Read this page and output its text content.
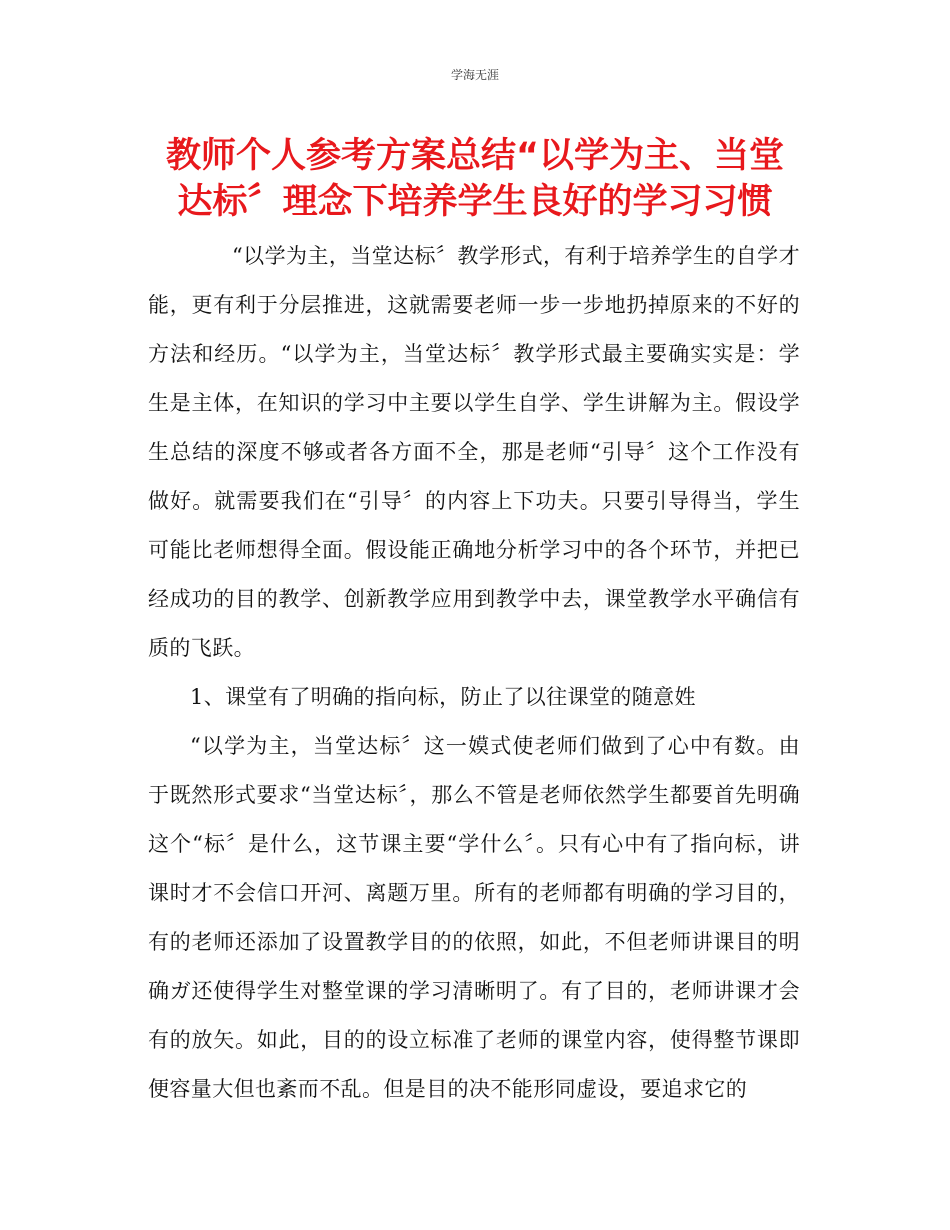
学海无涯
教师个人参考方案总结“以学为主、当堂
达标〞理念下培养学生良好的学习习惯

“以学为主，当堂达标〞教学形式，有利于培养学生的自学才能，更有利于分层推进，这就需要老师一步一步地扔掉原来的不好的方法和经历。“以学为主，当堂达标〞教学形式最主要确实实是：学生是主体，在知识的学习中主要以学生自学、学生讲解为主。假设学生总结的深度不够或者各方面不全，那是老师“引导〞这个工作没有做好。就需要我们在“引导〞的内容上下功夫。只要引导得当，学生可能比老师想得全面。假设能正确地分析学习中的各个环节，并把已经成功的目的教学、创新教学应用到教学中去，课堂教学水平确信有质的飞跃。

1、课堂有了明确的指向标，防止了以往课堂的随意姓

“以学为主，当堂达标〞这一嫫式使老师们做到了心中有数。由于既然形式要求“当堂达标〞，那么不管是老师依然学生都要首先明确这个“标〞是什么，这节课主要“学什么〞。只有心中有了指向标，讲课时才不会信口开河、离题万里。所有的老师都有明确的学习目的，有的老师还添加了设置教学目的的依照，如此，不但老师讲课目的明确ガ还使得学生对整堂课的学习清晰明了。有了目的，老师讲课才会有的放矢。如此，目的的设立标准了老师的课堂内容，使得整节课即便容量大但也紊而不乱。但是目的决不能形同虚设，要追求它的
